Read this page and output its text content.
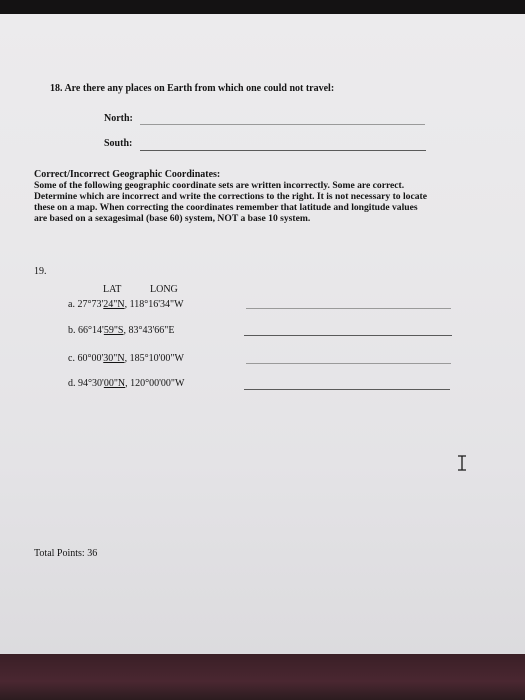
18. Are there any places on Earth from which one could not travel:
North:
South:
Correct/Incorrect Geographic Coordinates:
Some of the following geographic coordinate sets are written incorrectly. Some are correct.
Determine which are incorrect and write the corrections to the right. It is not necessary to locate
these on a map. When correcting the coordinates remember that latitude and longitude values
are based on a sexagesimal (base 60) system, NOT a base 10 system.
19.
LAT	LONG
a. 27°73'24"N, 118°16'34"W
b. 66°14'59"S, 83°43'66"E
c. 60°00'30"N, 185°10'00"W
d. 94°30'00"N, 120°00'00"W
Total Points: 36
